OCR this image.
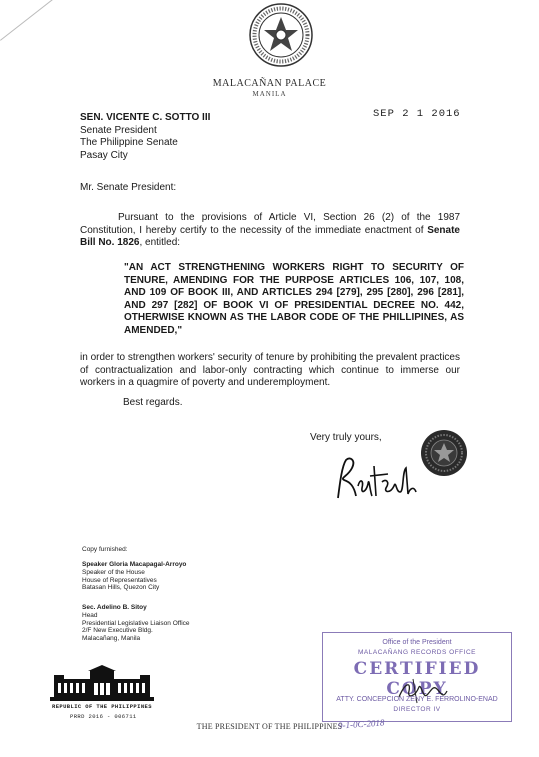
MALACAÑAN PALACE
MANILA
SEP 2 1 2016
SEN. VICENTE C. SOTTO III
Senate President
The Philippine Senate
Pasay City
Mr. Senate President:
Pursuant to the provisions of Article VI, Section 26 (2) of the 1987 Constitution, I hereby certify to the necessity of the immediate enactment of Senate Bill No. 1826, entitled:
"AN ACT STRENGTHENING WORKERS RIGHT TO SECURITY OF TENURE, AMENDING FOR THE PURPOSE ARTICLES 106, 107, 108, AND 109 OF BOOK III, AND ARTICLES 294 [279], 295 [280], 296 [281], AND 297 [282] OF BOOK VI OF PRESIDENTIAL DECREE NO. 442, OTHERWISE KNOWN AS THE LABOR CODE OF THE PHILLIPINES, AS AMENDED,"
in order to strengthen workers' security of tenure by prohibiting the prevalent practices of contractualization and labor-only contracting which continue to immerse our workers in a quagmire of poverty and underemployment.
Best regards.
Very truly yours,
Copy furnished:
Speaker Gloria Macapagal-Arroyo
Speaker of the House
House of Representatives
Batasan Hills, Quezon City
Sec. Adelino B. Sitoy
Head
Presidential Legislative Liaison Office
2/F New Executive Bldg.
Malacañang, Manila
REPUBLIC OF THE PHILIPPINES
PRRD 2016 - 006711
THE PRESIDENT OF THE PHILIPPINES
Office of the President
MALACAÑANG RECORDS OFFICE
CERTIFIED COPY
ATTY. CONCEPCION ZENY E. FERROLINO-ENAD
DIRECTOR IV
9-1-0C-2018
